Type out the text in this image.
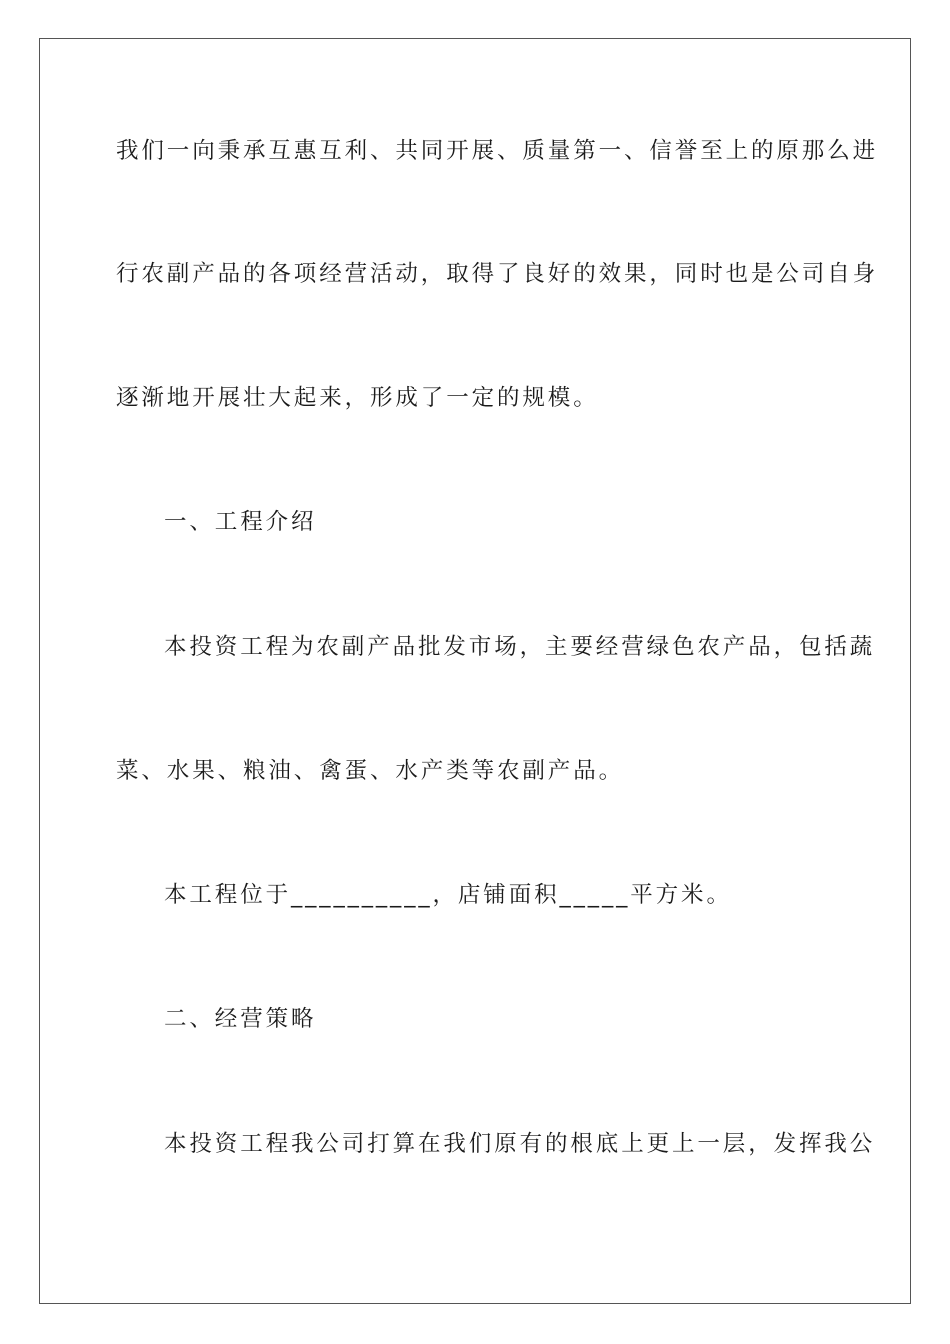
我们一向秉承互惠互利、共同开展、质量第一、信誉至上的原那么进
行农副产品的各项经营活动，取得了良好的效果，同时也是公司自身
逐渐地开展壮大起来，形成了一定的规模。
一、工程介绍
本投资工程为农副产品批发市场，主要经营绿色农产品，包括蔬
菜、水果、粮油、禽蛋、水产类等农副产品。
本工程位于__________，店铺面积_____平方米。
二、经营策略
本投资工程我公司打算在我们原有的根底上更上一层，发挥我公
